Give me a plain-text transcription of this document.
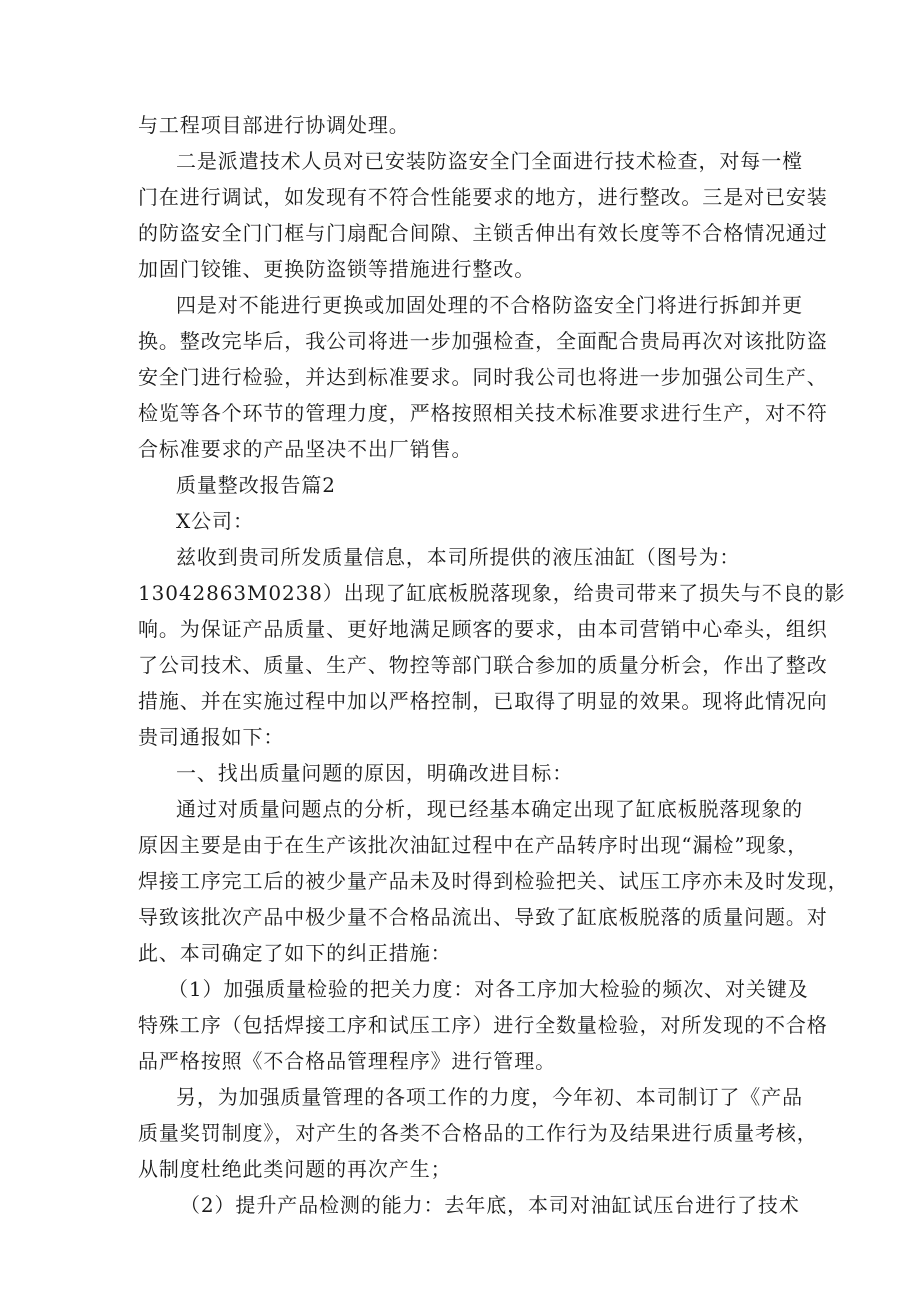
与工程项目部进行协调处理。
二是派遣技术人员对已安装防盗安全门全面进行技术检查，对每一樘
门在进行调试，如发现有不符合性能要求的地方，进行整改。三是对已安装
的防盗安全门门框与门扇配合间隙、主锁舌伸出有效长度等不合格情况通过
加固门铰锥、更换防盗锁等措施进行整改。
四是对不能进行更换或加固处理的不合格防盗安全门将进行拆卸并更
换。整改完毕后，我公司将进一步加强检查，全面配合贵局再次对该批防盗
安全门进行检验，并达到标准要求。同时我公司也将进一步加强公司生产、
检览等各个环节的管理力度，严格按照相关技术标准要求进行生产，对不符
合标准要求的产品坚决不出厂销售。
质量整改报告篇2
X公司：
兹收到贵司所发质量信息，本司所提供的液压油缸（图号为：
13042863M0238）出现了缸底板脱落现象，给贵司带来了损失与不良的影
响。为保证产品质量、更好地满足顾客的要求，由本司营销中心牵头，组织
了公司技术、质量、生产、物控等部门联合参加的质量分析会，作出了整改
措施、并在实施过程中加以严格控制，已取得了明显的效果。现将此情况向
贵司通报如下：
一、找出质量问题的原因，明确改进目标：
通过对质量问题点的分析，现已经基本确定出现了缸底板脱落现象的
原因主要是由于在生产该批次油缸过程中在产品转序时出现“漏检”现象，
焊接工序完工后的被少量产品未及时得到检验把关、试压工序亦未及时发现，
导致该批次产品中极少量不合格品流出、导致了缸底板脱落的质量问题。对
此、本司确定了如下的纠正措施：
（1）加强质量检验的把关力度：对各工序加大检验的频次、对关键及
特殊工序（包括焊接工序和试压工序）进行全数量检验，对所发现的不合格
品严格按照《不合格品管理程序》进行管理。
另，为加强质量管理的各项工作的力度，今年初、本司制订了《产品
质量奖罚制度》，对产生的各类不合格品的工作行为及结果进行质量考核，
从制度杜绝此类问题的再次产生；
（2）提升产品检测的能力：去年底，本司对油缸试压台进行了技术
